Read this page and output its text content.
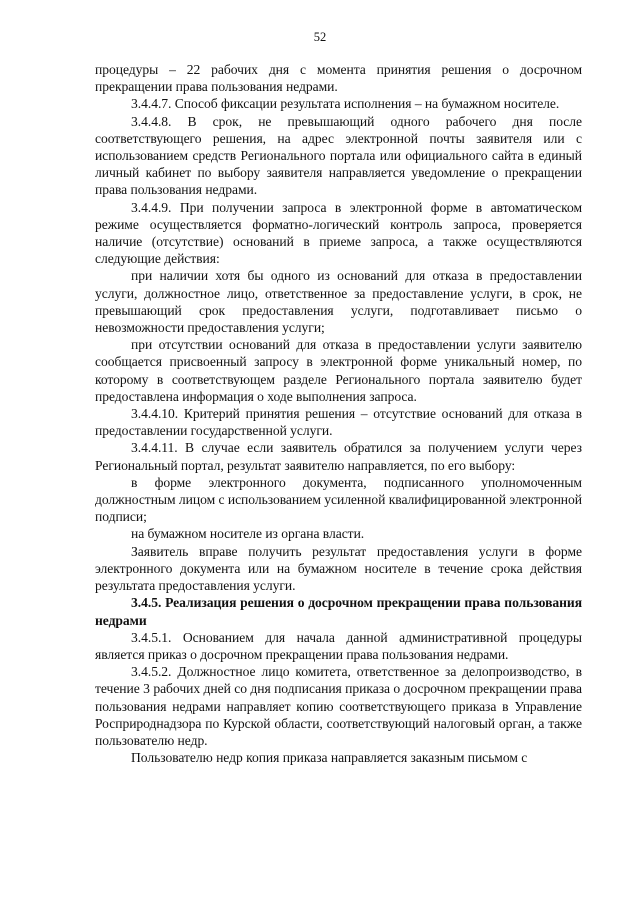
52

процедуры – 22 рабочих дня с момента принятия решения о досрочном прекращении права пользования недрами.

3.4.4.7. Способ фиксации результата исполнения – на бумажном носителе.

3.4.4.8. В срок, не превышающий одного рабочего дня после соответствующего решения, на адрес электронной почты заявителя или с использованием средств Регионального портала или официального сайта в единый личный кабинет по выбору заявителя направляется уведомление о прекращении права пользования недрами.

3.4.4.9. При получении запроса в электронной форме в автоматическом режиме осуществляется форматно-логический контроль запроса, проверяется наличие (отсутствие) оснований в приеме запроса, а также осуществляются следующие действия:

при наличии хотя бы одного из оснований для отказа в предоставлении услуги, должностное лицо, ответственное за предоставление услуги, в срок, не превышающий срок предоставления услуги, подготавливает письмо о невозможности предоставления услуги;

при отсутствии оснований для отказа в предоставлении услуги заявителю сообщается присвоенный запросу в электронной форме уникальный номер, по которому в соответствующем разделе Регионального портала заявителю будет предоставлена информация о ходе выполнения запроса.

3.4.4.10. Критерий принятия решения – отсутствие оснований для отказа в предоставлении государственной услуги.

3.4.4.11. В случае если заявитель обратился за получением услуги через Региональный портал, результат заявителю направляется, по его выбору:

в форме электронного документа, подписанного уполномоченным должностным лицом с использованием усиленной квалифицированной электронной подписи;

на бумажном носителе из органа власти.

Заявитель вправе получить результат предоставления услуги в форме электронного документа или на бумажном носителе в течение срока действия результата предоставления услуги.

3.4.5. Реализация решения о досрочном прекращении права пользования недрами

3.4.5.1. Основанием для начала данной административной процедуры является приказ о досрочном прекращении права пользования недрами.

3.4.5.2. Должностное лицо комитета, ответственное за делопроизводство, в течение 3 рабочих дней со дня подписания приказа о досрочном прекращении права пользования недрами направляет копию соответствующего приказа в Управление Росприроднадзора по Курской области, соответствующий налоговый орган, а также пользователю недр.

Пользователю недр копия приказа направляется заказным письмом с
